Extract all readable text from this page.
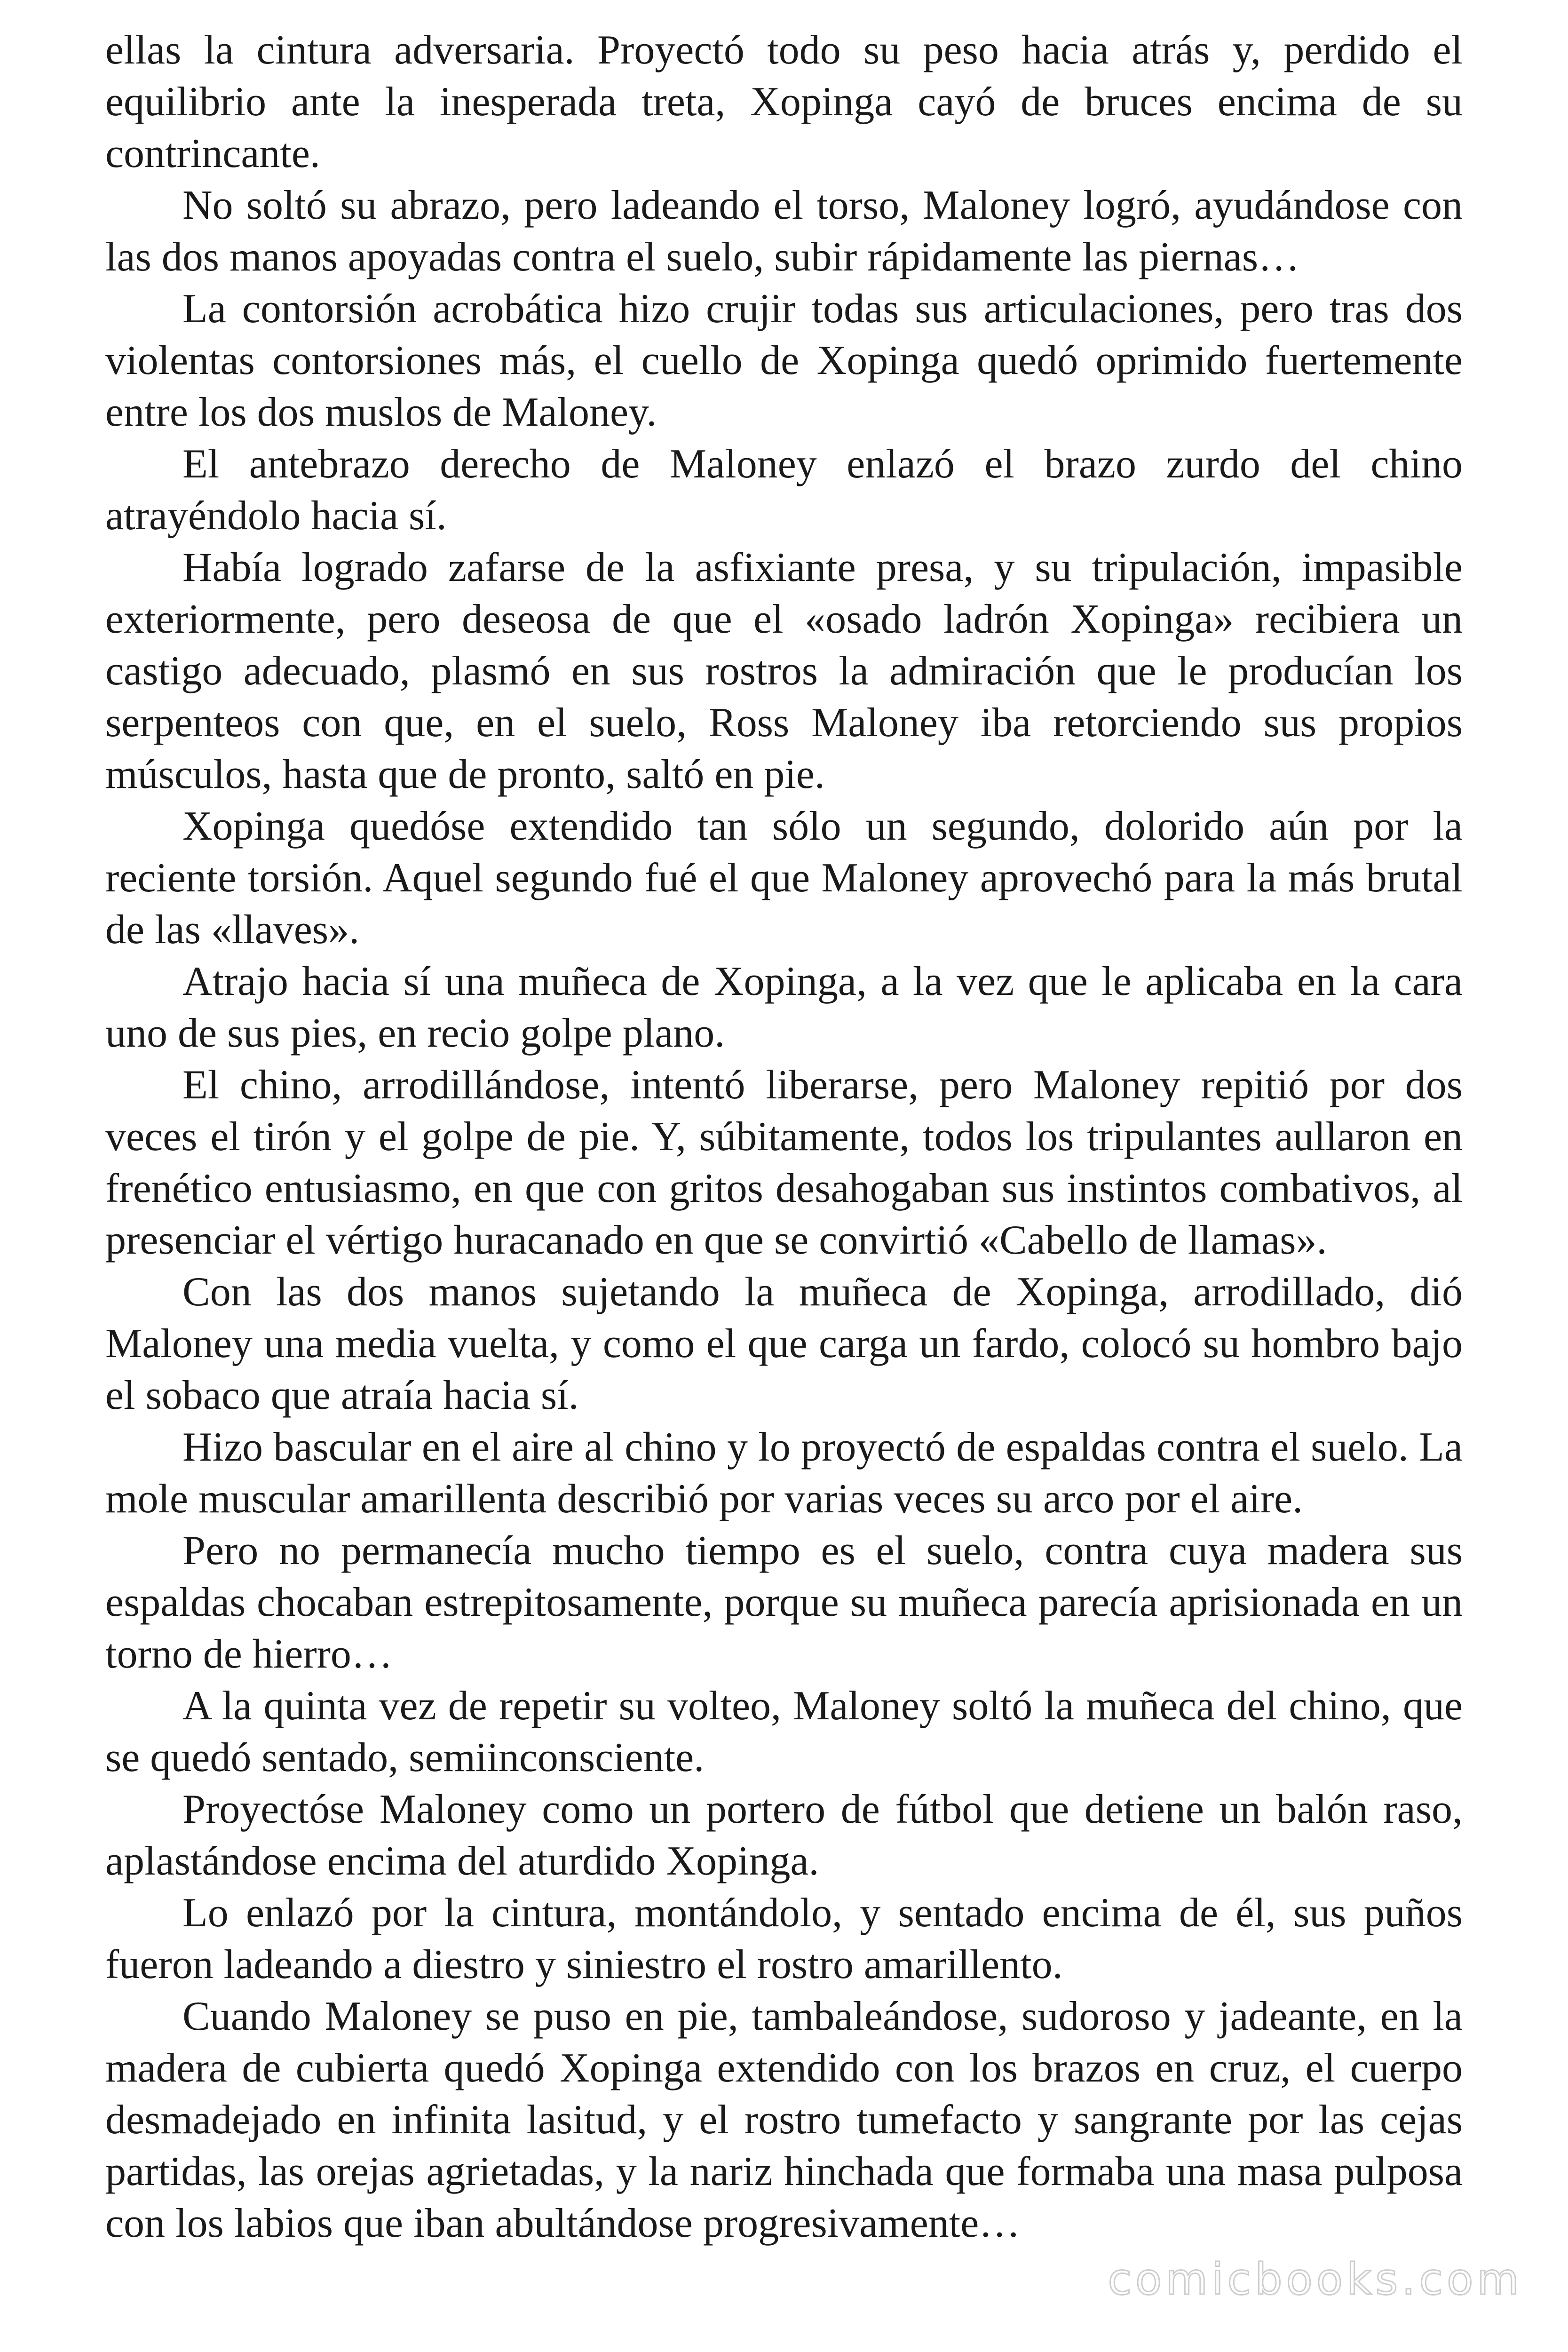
ellas la cintura adversaria. Proyectó todo su peso hacia atrás y, perdido el equilibrio ante la inesperada treta, Xopinga cayó de bruces encima de su contrincante.

No soltó su abrazo, pero ladeando el torso, Maloney logró, ayudándose con las dos manos apoyadas contra el suelo, subir rápidamente las piernas…

La contorsión acrobática hizo crujir todas sus articulaciones, pero tras dos violentas contorsiones más, el cuello de Xopinga quedó oprimido fuertemente entre los dos muslos de Maloney.

El antebrazo derecho de Maloney enlazó el brazo zurdo del chino atrayéndolo hacia sí.

Había logrado zafarse de la asfixiante presa, y su tripulación, impasible exteriormente, pero deseosa de que el «osado ladrón Xopinga» recibiera un castigo adecuado, plasmó en sus rostros la admiración que le producían los serpenteos con que, en el suelo, Ross Maloney iba retorciendo sus propios músculos, hasta que de pronto, saltó en pie.

Xopinga quedóse extendido tan sólo un segundo, dolorido aún por la reciente torsión. Aquel segundo fué el que Maloney aprovechó para la más brutal de las «llaves».

Atrajo hacia sí una muñeca de Xopinga, a la vez que le aplicaba en la cara uno de sus pies, en recio golpe plano.

El chino, arrodillándose, intentó liberarse, pero Maloney repitió por dos veces el tirón y el golpe de pie. Y, súbitamente, todos los tripulantes aullaron en frenético entusiasmo, en que con gritos desahogaban sus instintos combativos, al presenciar el vértigo huracanado en que se convirtió «Cabello de llamas».

Con las dos manos sujetando la muñeca de Xopinga, arrodillado, dió Maloney una media vuelta, y como el que carga un fardo, colocó su hombro bajo el sobaco que atraía hacia sí.

Hizo bascular en el aire al chino y lo proyectó de espaldas contra el suelo. La mole muscular amarillenta describió por varias veces su arco por el aire.

Pero no permanecía mucho tiempo es el suelo, contra cuya madera sus espaldas chocaban estrepitosamente, porque su muñeca parecía aprisionada en un torno de hierro…

A la quinta vez de repetir su volteo, Maloney soltó la muñeca del chino, que se quedó sentado, semiinconsciente.

Proyectóse Maloney como un portero de fútbol que detiene un balón raso, aplastándose encima del aturdido Xopinga.

Lo enlazó por la cintura, montándolo, y sentado encima de él, sus puños fueron ladeando a diestro y siniestro el rostro amarillento.

Cuando Maloney se puso en pie, tambaleándose, sudoroso y jadeante, en la madera de cubierta quedó Xopinga extendido con los brazos en cruz, el cuerpo desmadejado en infinita lasitud, y el rostro tumefacto y sangrante por las cejas partidas, las orejas agrietadas, y la nariz hinchada que formaba una masa pulposa con los labios que iban abultándose progresivamente…

comicbooks.com
